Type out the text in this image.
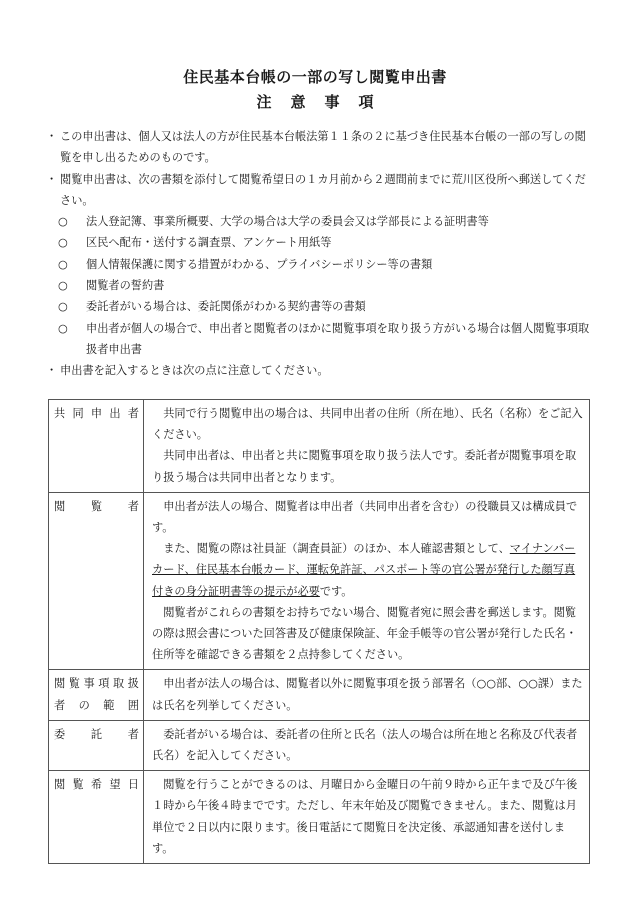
住民基本台帳の一部の写し閲覧申出書
注意事項
・ この申出書は、個人又は法人の方が住民基本台帳法第１１条の２に基づき住民基本台帳の一部の写しの閲覧を申し出るためのものです。
・ 閲覧申出書は、次の書類を添付して閲覧希望日の１カ月前から２週間前までに荒川区役所へ郵送してください。
○ 法人登記簿、事業所概要、大学の場合は大学の委員会又は学部長による証明書等
○ 区民へ配布・送付する調査票、アンケート用紙等
○ 個人情報保護に関する措置がわかる、プライバシーポリシー等の書類
○ 閲覧者の誓約書
○ 委託者がいる場合は、委託関係がわかる契約書等の書類
○ 申出者が個人の場合で、申出者と閲覧者のほかに閲覧事項を取り扱う方がいる場合は個人閲覧事項取扱者申出書
・ 申出書を記入するときは次の点に注意してください。
共同申出者	共同で行う閲覧申出の場合は、共同申出者の住所（所在地）、氏名（名称）をご記入ください。

共同申出者は、申出者と共に閲覧事項を取り扱う法人です。委託者が閲覧事項を取り扱う場合は共同申出者となります。

閲覧者	申出者が法人の場合、閲覧者は申出者（共同申出者を含む）の役職員又は構成員です。

また、閲覧の際は社員証（調査員証）のほか、本人確認書類として、マイナンバーカード、住民基本台帳カード、運転免許証、パスポート等の官公署が発行した顔写真付きの身分証明書等の提示が必要です。

閲覧者がこれらの書類をお持ちでない場合、閲覧者宛に照会書を郵送します。閲覧の際は照会書についた回答書及び健康保険証、年金手帳等の官公署が発行した氏名・住所等を確認できる書類を２点持参してください。

閲覧事項取扱
者 の 範 囲	申出者が法人の場合は、閲覧者以外に閲覧事項を扱う部署名（○○部、○○課）または氏名を列挙してください。

委託者	委託者がいる場合は、委託者の住所と氏名（法人の場合は所在地と名称及び代表者氏名）を記入してください。

閲覧希望日	閲覧を行うことができるのは、月曜日から金曜日の午前９時から正午まで及び午後１時から午後４時までです。ただし、年末年始及び閲覧できません。また、閲覧は月単位で２日以内に限ります。後日電話にて閲覧日を決定後、承認通知書を送付します。
